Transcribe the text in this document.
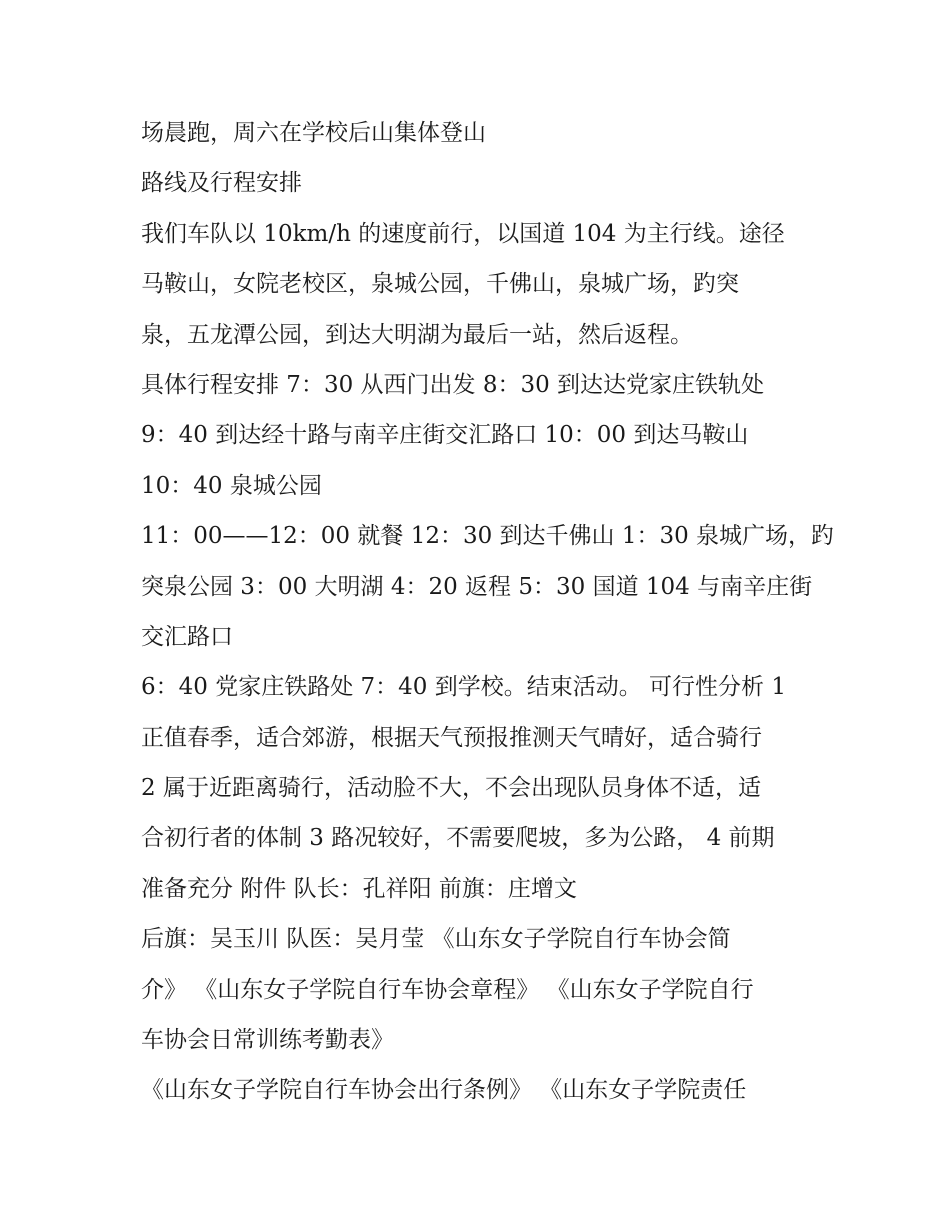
场晨跑，周六在学校后山集体登山
路线及行程安排
我们车队以 10km/h 的速度前行，以国道 104 为主行线。途径
马鞍山，女院老校区，泉城公园，千佛山，泉城广场，趵突
泉，五龙潭公园，到达大明湖为最后一站，然后返程。
具体行程安排 7：30 从西门出发 8：30 到达达党家庄铁轨处
9：40 到达经十路与南辛庄街交汇路口 10：00 到达马鞍山
10：40 泉城公园
11：00——12：00 就餐 12：30 到达千佛山 1：30 泉城广场，趵
突泉公园 3：00 大明湖 4：20 返程 5：30 国道 104 与南辛庄街
交汇路口
6：40 党家庄铁路处 7：40 到学校。结束活动。 可行性分析 1
正值春季，适合郊游，根据天气预报推测天气晴好，适合骑行
2 属于近距离骑行，活动脸不大，不会出现队员身体不适，适
合初行者的体制 3 路况较好，不需要爬坡，多为公路， 4 前期
准备充分 附件 队长：孔祥阳 前旗：庄增文
后旗：吴玉川 队医：吴月莹 《山东女子学院自行车协会简
介》 《山东女子学院自行车协会章程》 《山东女子学院自行
车协会日常训练考勤表》
《山东女子学院自行车协会出行条例》 《山东女子学院责任
